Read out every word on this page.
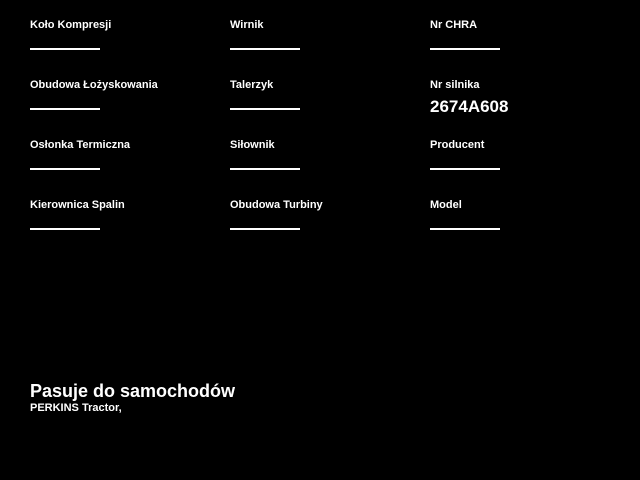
Koło Kompresji
Obudowa Łożyskowania
Osłonka Termiczna
Kierownica Spalin
Wirnik
Talerzyk
Siłownik
Obudowa Turbiny
Nr CHRA
Nr silnika
2674A608
Producent
Model
Pasuje do samochodów
PERKINS Tractor,
